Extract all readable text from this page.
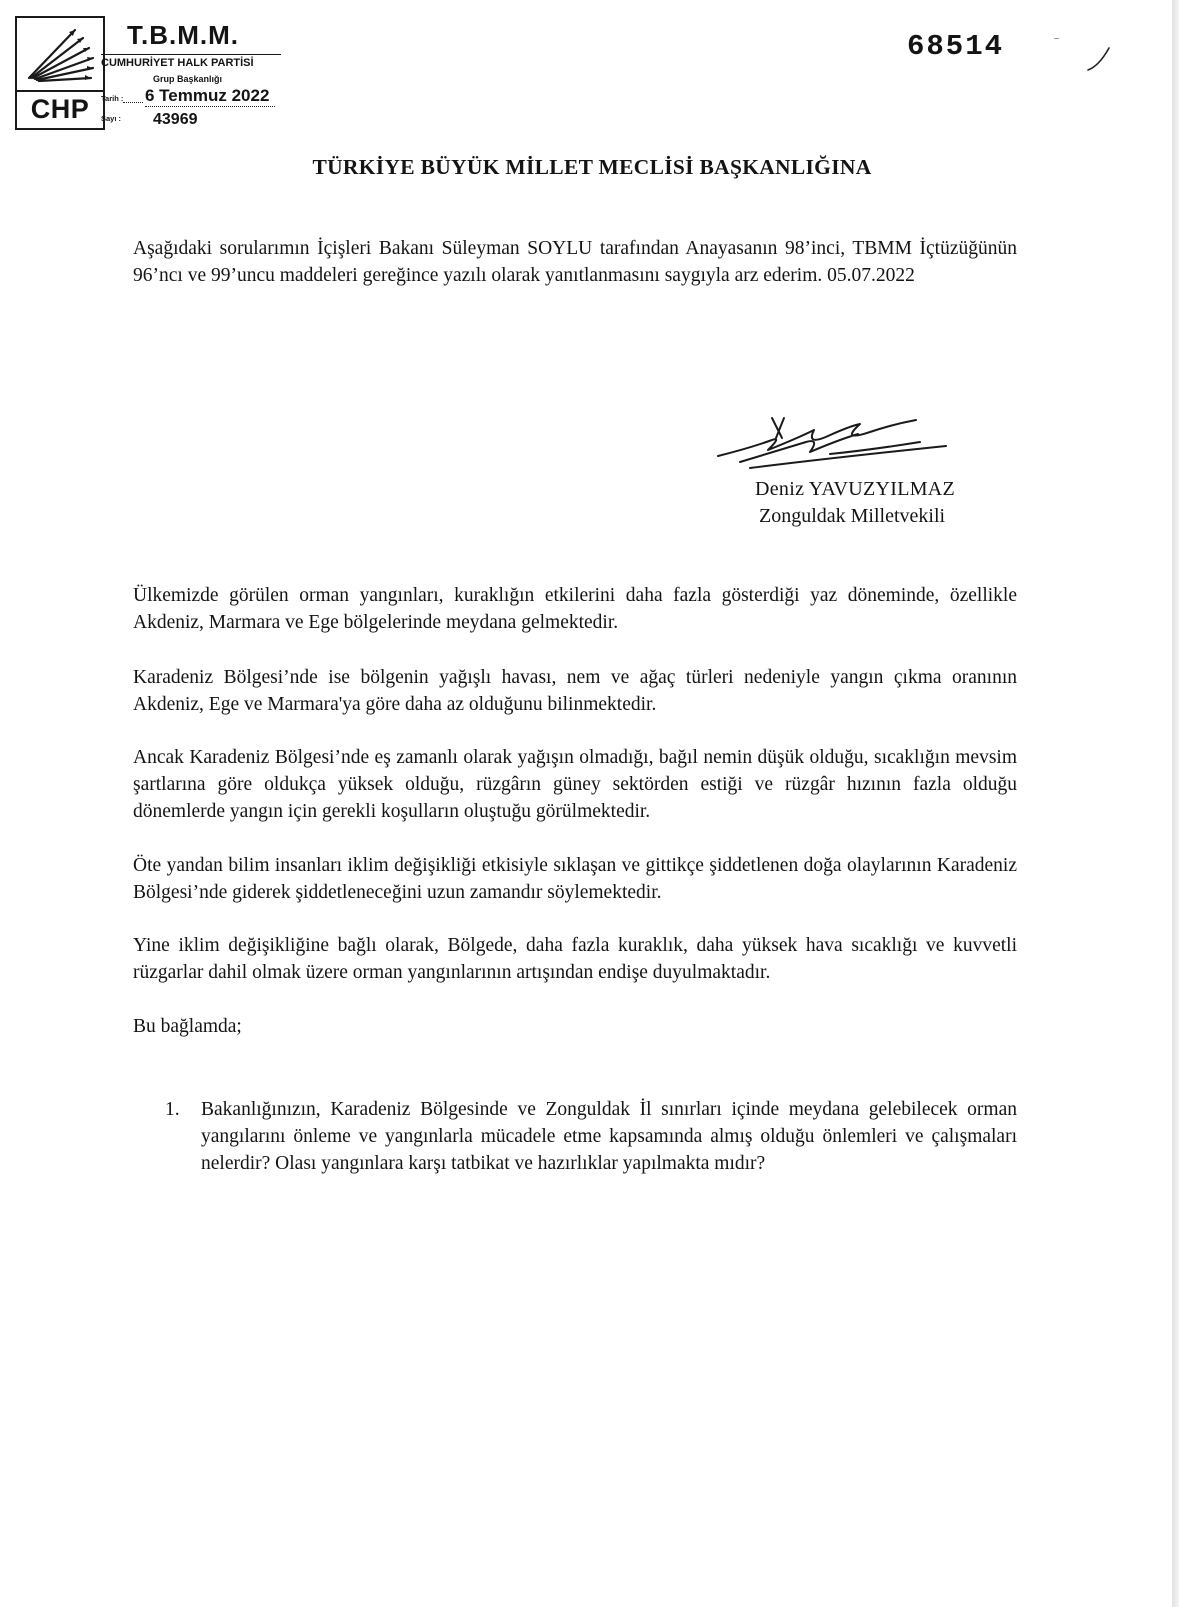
CHP
T.B.M.M.
CUMHURİYET HALK PARTİSİ
Grup Başkanlığı
Tarih : 6 Temmuz 2022
Sayı : 43969
68514
TÜRKİYE BÜYÜK MİLLET MECLİSİ BAŞKANLIĞINA
Aşağıdaki sorularımın İçişleri Bakanı Süleyman SOYLU tarafından Anayasanın 98’inci, TBMM İçtüzüğünün 96’ncı ve 99’uncu maddeleri gereğince yazılı olarak yanıtlanmasını saygıyla arz ederim. 05.07.2022
Deniz YAVUZYILMAZ
Zonguldak Milletvekili
Ülkemizde görülen orman yangınları, kuraklığın etkilerini daha fazla gösterdiği yaz döneminde, özellikle Akdeniz, Marmara ve Ege bölgelerinde meydana gelmektedir.
Karadeniz Bölgesi’nde ise bölgenin yağışlı havası, nem ve ağaç türleri nedeniyle yangın çıkma oranının Akdeniz, Ege ve Marmara'ya göre daha az olduğunu bilinmektedir.
Ancak Karadeniz Bölgesi’nde eş zamanlı olarak yağışın olmadığı, bağıl nemin düşük olduğu, sıcaklığın mevsim şartlarına göre oldukça yüksek olduğu, rüzgârın güney sektörden estiği ve rüzgâr hızının fazla olduğu dönemlerde yangın için gerekli koşulların oluştuğu görülmektedir.
Öte yandan bilim insanları iklim değişikliği etkisiyle sıklaşan ve gittikçe şiddetlenen doğa olaylarının Karadeniz Bölgesi’nde giderek şiddetleneceğini uzun zamandır söylemektedir.
Yine iklim değişikliğine bağlı olarak, Bölgede, daha fazla kuraklık, daha yüksek hava sıcaklığı ve kuvvetli rüzgarlar dahil olmak üzere orman yangınlarının artışından endişe duyulmaktadır.
Bu bağlamda;
1. Bakanlığınızın, Karadeniz Bölgesinde ve Zonguldak İl sınırları içinde meydana gelebilecek orman yangılarını önleme ve yangınlarla mücadele etme kapsamında almış olduğu önlemleri ve çalışmaları nelerdir? Olası yangınlara karşı tatbikat ve hazırlıklar yapılmakta mıdır?
